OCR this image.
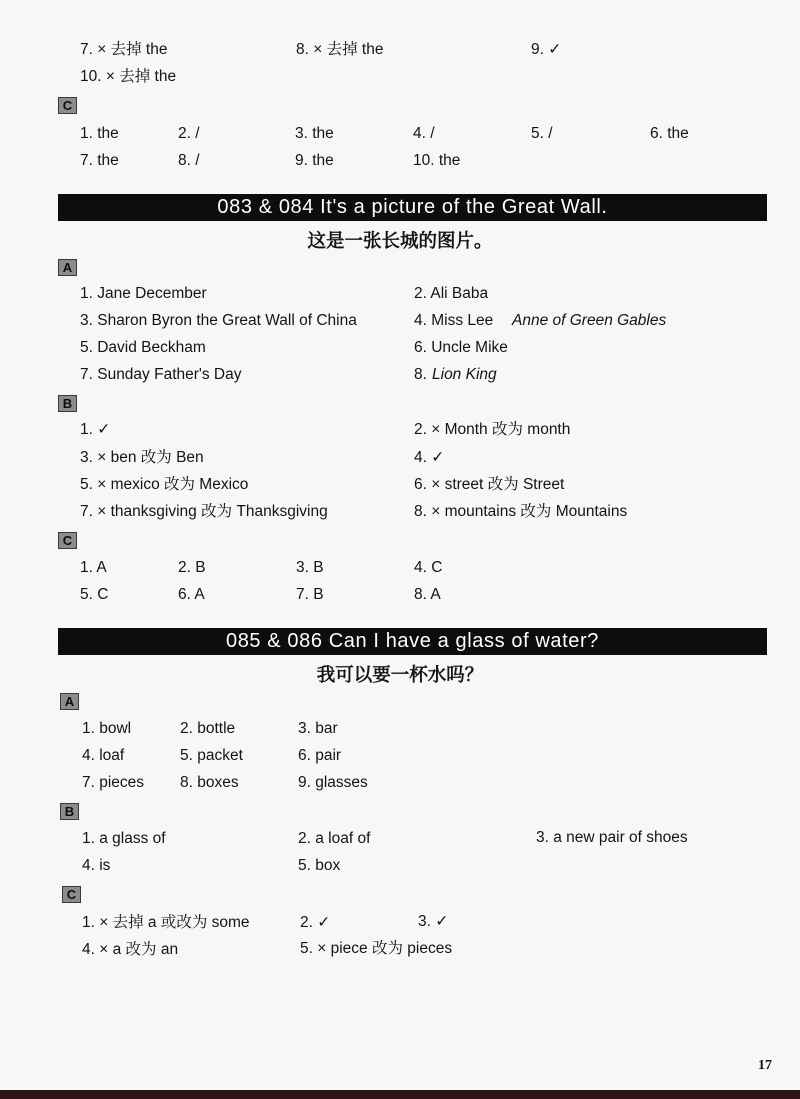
7. × 去掉 the	8. × 去掉 the	9. ✓
10. × 去掉 the
C
1. the	2. /	3. the	4. /	5. /	6. the
7. the	8. /	9. the	10. the
083 & 084 It's a picture of the Great Wall.
这是一张长城的图片。
A
1. Jane December	2. Ali Baba
3. Sharon Byron the Great Wall of China	4. Miss Lee Anne of Green Gables
5. David Beckham	6. Uncle Mike
7. Sunday Father's Day	8. Lion King
B
1. ✓	2. × Month 改为 month
3. × ben 改为 Ben	4. ✓
5. × mexico 改为 Mexico	6. × street 改为 Street
7. × thanksgiving 改为 Thanksgiving	8. × mountains 改为 Mountains
C
1. A	2. B	3. B	4. C
5. C	6. A	7. B	8. A
085 & 086 Can I have a glass of water?
我可以要一杯水吗？
A
1. bowl	2. bottle	3. bar
4. loaf	5. packet	6. pair
7. pieces 8. boxes	9. glasses
B
1. a glass of	2. a loaf of	3. a new pair of shoes
4. is	5. box
C
1. × 去掉 a 或改为 some	2. ✓	3. ✓
4. × a 改为 an	5. × piece 改为 pieces
17
